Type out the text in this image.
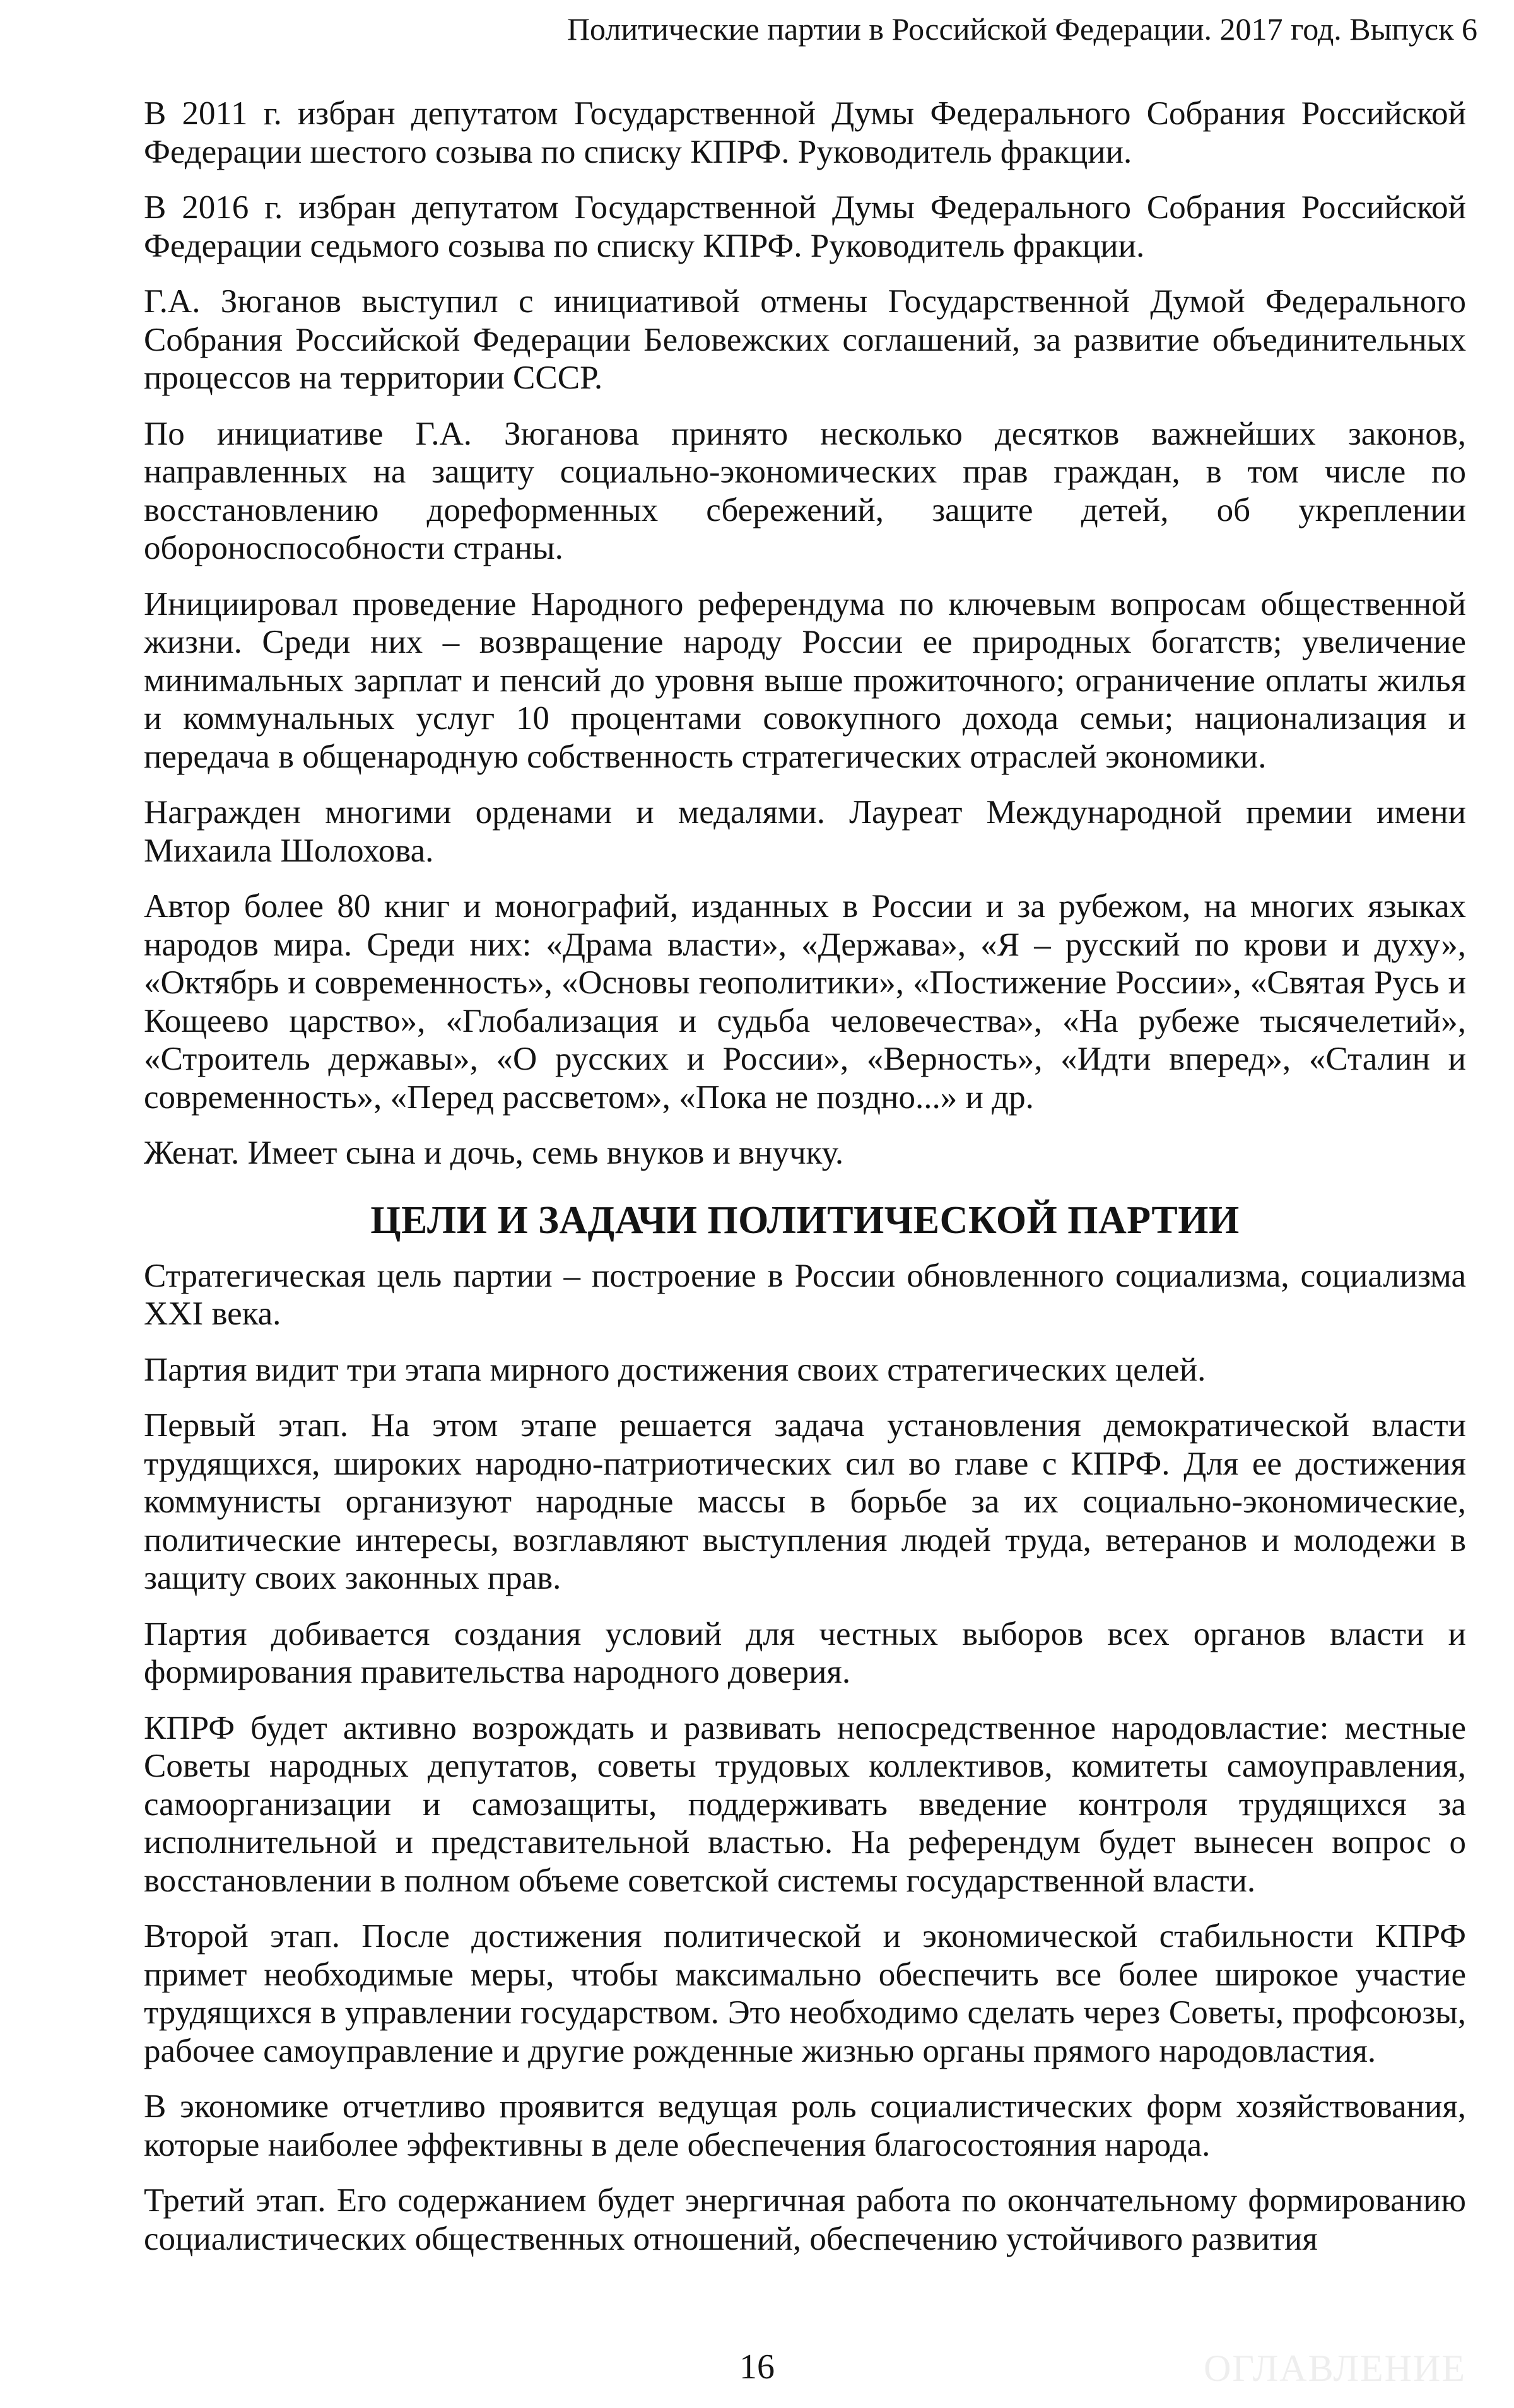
Политические партии в Российской Федерации. 2017 год. Выпуск 6

В 2011 г. избран депутатом Государственной Думы Федерального Собрания Российской Федерации шестого созыва по списку КПРФ. Руководитель фракции.

В 2016 г. избран депутатом Государственной Думы Федерального Собрания Российской Федерации седьмого созыва по списку КПРФ. Руководитель фракции.

Г.А. Зюганов выступил с инициативой отмены Государственной Думой Федерального Собрания Российской Федерации Беловежских соглашений, за развитие объединительных процессов на территории СССР.

По инициативе Г.А. Зюганова принято несколько десятков важнейших законов, направленных на защиту социально-экономических прав граждан, в том числе по восстановлению дореформенных сбережений, защите детей, об укреплении обороноспособности страны.

Инициировал проведение Народного референдума по ключевым вопросам общественной жизни. Среди них – возвращение народу России ее природных богатств; увеличение минимальных зарплат и пенсий до уровня выше прожиточного; ограничение оплаты жилья и коммунальных услуг 10 процентами совокупного дохода семьи; национализация и передача в общенародную собственность стратегических отраслей экономики.

Награжден многими орденами и медалями. Лауреат Международной премии имени Михаила Шолохова.

Автор более 80 книг и монографий, изданных в России и за рубежом, на многих языках народов мира. Среди них: «Драма власти», «Держава», «Я – русский по крови и духу», «Октябрь и современность», «Основы геополитики», «Постижение России», «Святая Русь и Кощеево царство», «Глобализация и судьба человечества», «На рубеже тысячелетий», «Строитель державы», «О русских и России», «Верность», «Идти вперед», «Сталин и современность», «Перед рассветом», «Пока не поздно...» и др.

Женат. Имеет сына и дочь, семь внуков и внучку.

ЦЕЛИ И ЗАДАЧИ ПОЛИТИЧЕСКОЙ ПАРТИИ

Стратегическая цель партии – построение в России обновленного социализма, социализма XXI века.

Партия видит три этапа мирного достижения своих стратегических целей.

Первый этап. На этом этапе решается задача установления демократической власти трудящихся, широких народно-патриотических сил во главе с КПРФ. Для ее достижения коммунисты организуют народные массы в борьбе за их социально-экономические, политические интересы, возглавляют выступления людей труда, ветеранов и молодежи в защиту своих законных прав.

Партия добивается создания условий для честных выборов всех органов власти и формирования правительства народного доверия.

КПРФ будет активно возрождать и развивать непосредственное народовластие: местные Советы народных депутатов, советы трудовых коллективов, комитеты самоуправления, самоорганизации и самозащиты, поддерживать введение контроля трудящихся за исполнительной и представительной властью. На референдум будет вынесен вопрос о восстановлении в полном объеме советской системы государственной власти.

Второй этап. После достижения политической и экономической стабильности КПРФ примет необходимые меры, чтобы максимально обеспечить все более широкое участие трудящихся в управлении государством. Это необходимо сделать через Советы, профсоюзы, рабочее самоуправление и другие рожденные жизнью органы прямого народовластия.

В экономике отчетливо проявится ведущая роль социалистических форм хозяйствования, которые наиболее эффективны в деле обеспечения благосостояния народа.

Третий этап. Его содержанием будет энергичная работа по окончательному формированию социалистических общественных отношений, обеспечению устойчивого развития

16	ОГЛАВЛЕНИЕ
